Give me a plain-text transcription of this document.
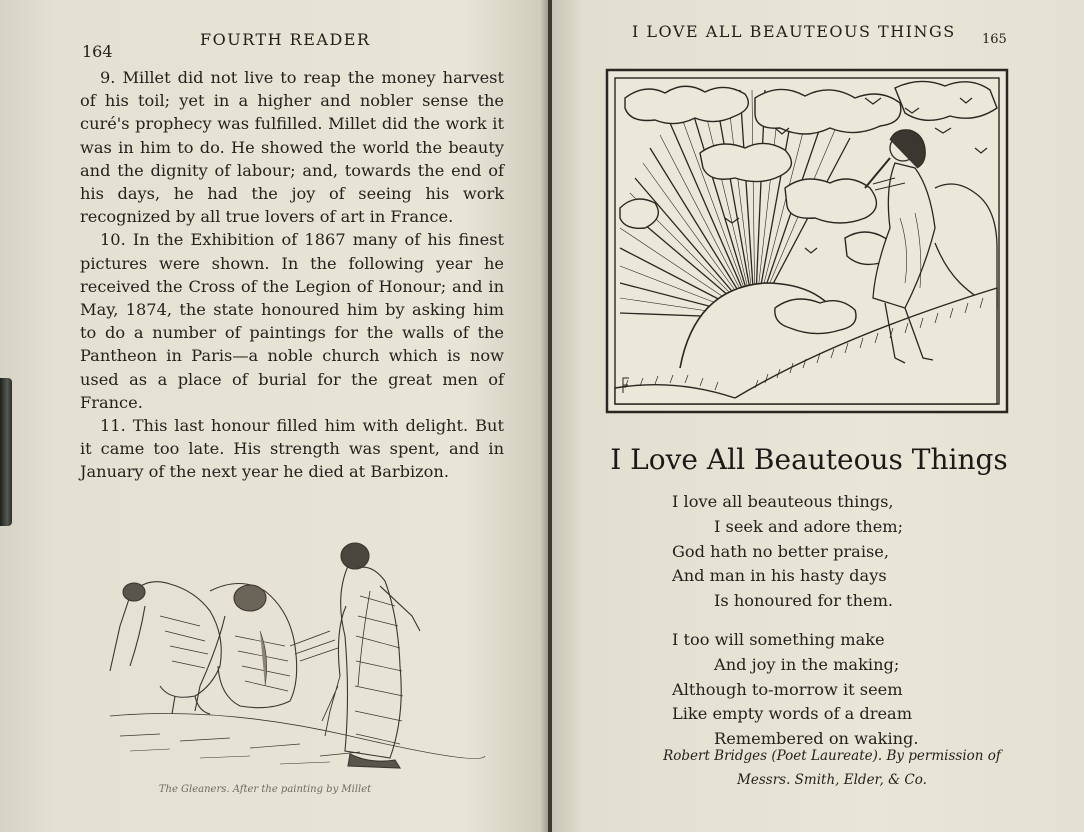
164
FOURTH READER

9. Millet did not live to reap the money harvest of his toil; yet in a higher and nobler sense the curé's prophecy was fulfilled. Millet did the work it was in him to do. He showed the world the beauty and the dignity of labour; and, towards the end of his days, he had the joy of seeing his work recognized by all true lovers of art in France.

10. In the Exhibition of 1867 many of his finest pictures were shown. In the following year he received the Cross of the Legion of Honour; and in May, 1874, the state honoured him by asking him to do a number of paintings for the walls of the Pantheon in Paris—a noble church which is now used as a place of burial for the great men of France.

11. This last honour filled him with delight. But it came too late. His strength was spent, and in January of the next year he died at Barbizon.

The Gleaners. After the painting by Millet
I LOVE ALL BEAUTEOUS THINGS 165
I Love All Beauteous Things
I love all beauteous things,
I seek and adore them;
God hath no better praise,
And man in his hasty days
Is honoured for them.
I too will something make
And joy in the making;
Although to-morrow it seem
Like empty words of a dream
Remembered on waking.
Robert Bridges (Poet Laureate). By permission of
Messrs. Smith, Elder, & Co.
